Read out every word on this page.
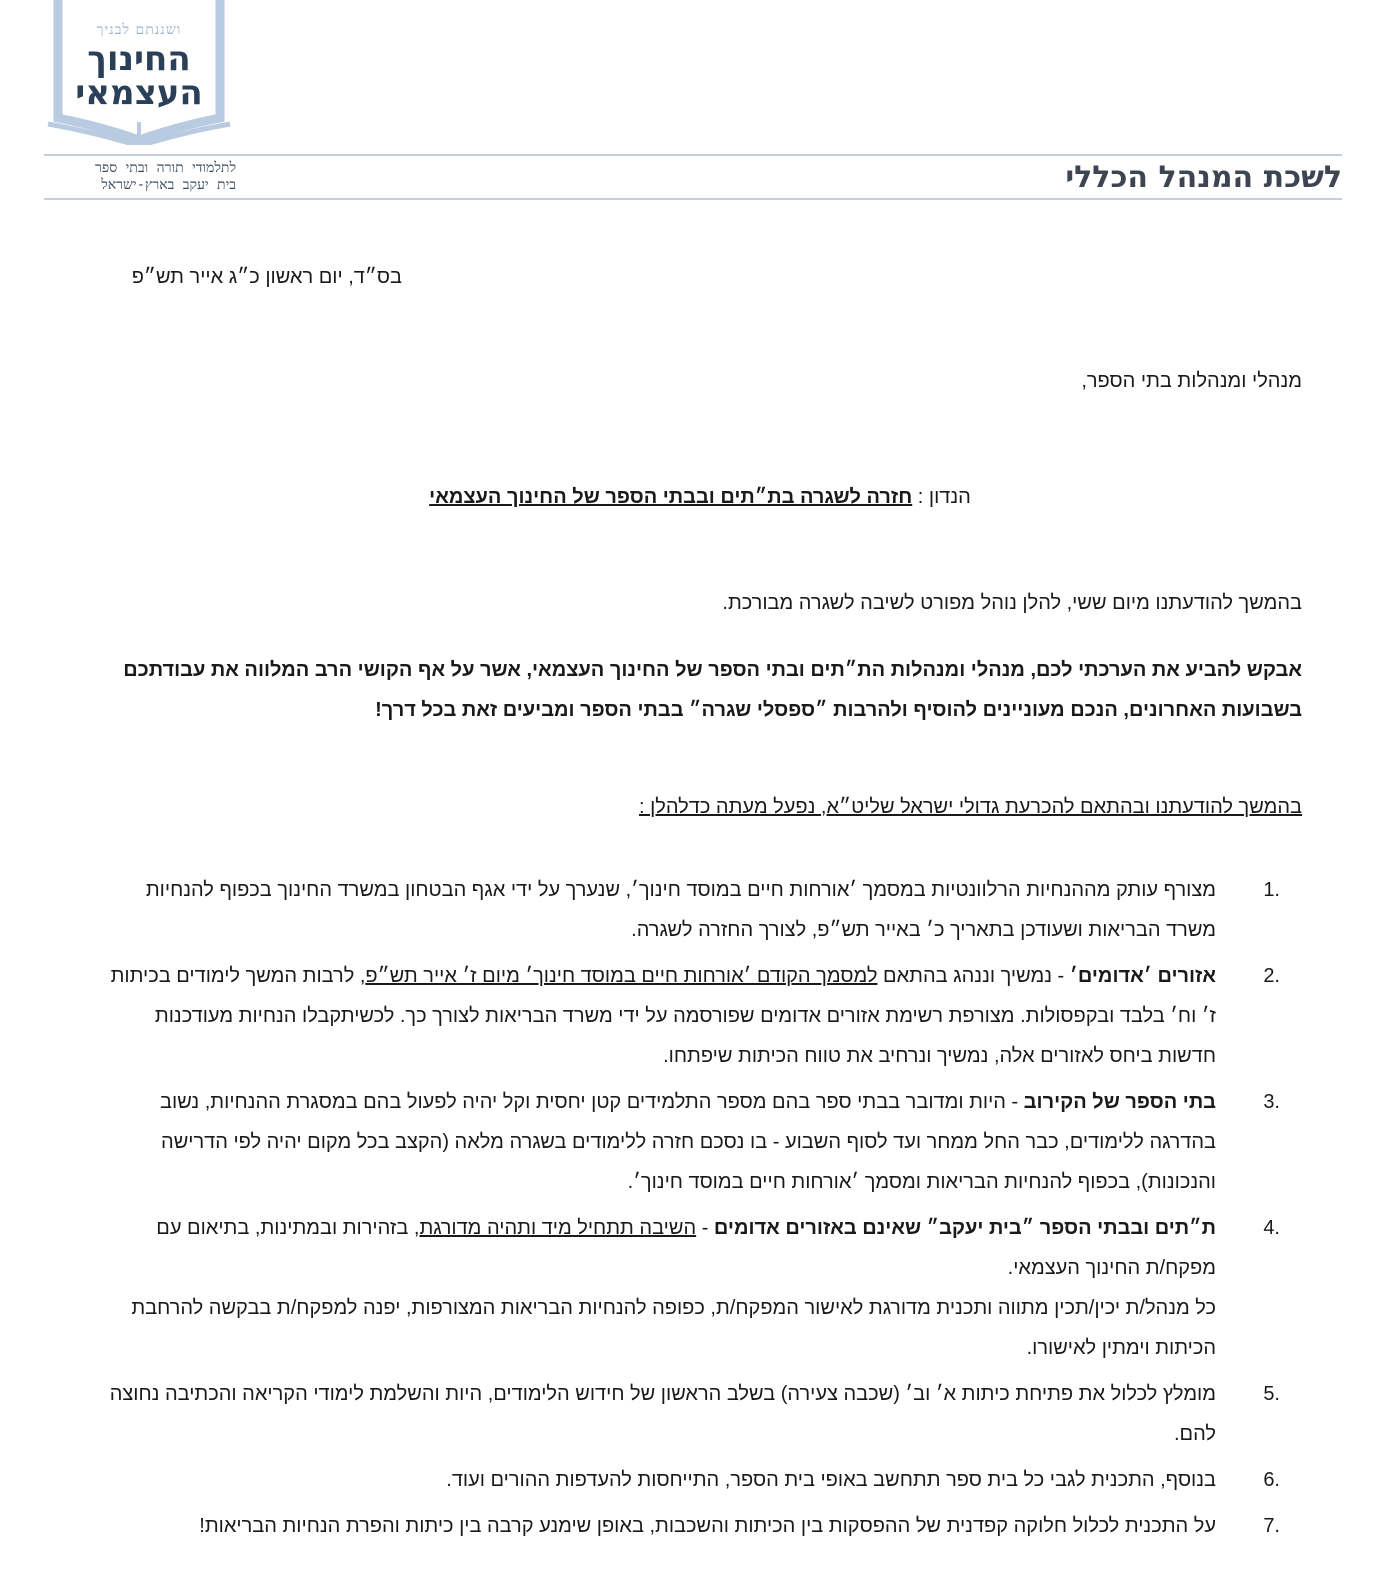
ושננתם לבניך
החינוך
העצמאי
לתלמודי תורה ובתי ספר
בית יעקב בארץ-ישראל	לשכת המנהל הכללי
בס״ד, יום ראשון כ״ג אייר תש״פ
מנהלי ומנהלות בתי הספר,
הנדון : חזרה לשגרה בת״תים ובבתי הספר של החינוך העצמאי
בהמשך להודעתנו מיום ששי, להלן נוהל מפורט לשיבה לשגרה מבורכת.
אבקש להביע את הערכתי לכם, מנהלי ומנהלות הת״תים ובתי הספר של החינוך העצמאי, אשר על אף הקושי הרב המלווה את עבודתכם בשבועות האחרונים, הנכם מעוניינים להוסיף ולהרבות ״ספסלי שגרה״ בבתי הספר ומביעים זאת בכל דרך!
בהמשך להודעתנו ובהתאם להכרעת גדולי ישראל שליט״א, נפעל מעתה כדלהלן :
1.
מצורף עותק מההנחיות הרלוונטיות במסמך ׳אורחות חיים במוסד חינוך׳, שנערך על ידי אגף הבטחון במשרד החינוך בכפוף להנחיות משרד הבריאות ושעודכן בתאריך כ׳ באייר תש״פ, לצורך החזרה לשגרה.
2.
אזורים ׳אדומים׳ - נמשיך וננהג בהתאם למסמך הקודם ׳אורחות חיים במוסד חינוך׳ מיום ז׳ אייר תש״פ, לרבות המשך לימודים בכיתות ז׳ וח׳ בלבד ובקפסולות. מצורפת רשימת אזורים אדומים שפורסמה על ידי משרד הבריאות לצורך כך. לכשיתקבלו הנחיות מעודכנות חדשות ביחס לאזורים אלה, נמשיך ונרחיב את טווח הכיתות שיפתחו.
3.
בתי הספר של הקירוב - היות ומדובר בבתי ספר בהם מספר התלמידים קטן יחסית וקל יהיה לפעול בהם במסגרת ההנחיות, נשוב בהדרגה ללימודים, כבר החל ממחר ועד לסוף השבוע - בו נסכם חזרה ללימודים בשגרה מלאה (הקצב בכל מקום יהיה לפי הדרישה והנכונות), בכפוף להנחיות הבריאות ומסמך ׳אורחות חיים במוסד חינוך׳.
4.
ת״תים ובבתי הספר ״בית יעקב״ שאינם באזורים אדומים - השיבה תתחיל מיד ותהיה מדורגת, בזהירות ובמתינות, בתיאום עם מפקח/ת החינוך העצמאי.
כל מנהל/ת יכין/תכין מתווה ותכנית מדורגת לאישור המפקח/ת, כפופה להנחיות הבריאות המצורפות, יפנה למפקח/ת בבקשה להרחבת הכיתות וימתין לאישורו.
5.
מומלץ לכלול את פתיחת כיתות א׳ וב׳ (שכבה צעירה) בשלב הראשון של חידוש הלימודים, היות והשלמת לימודי הקריאה והכתיבה נחוצה להם.
6.
בנוסף, התכנית לגבי כל בית ספר תתחשב באופי בית הספר, התייחסות להעדפות ההורים ועוד.
7.
על התכנית לכלול חלוקה קפדנית של ההפסקות בין הכיתות והשכבות, באופן שימנע קרבה בין כיתות והפרת הנחיות הבריאות!
